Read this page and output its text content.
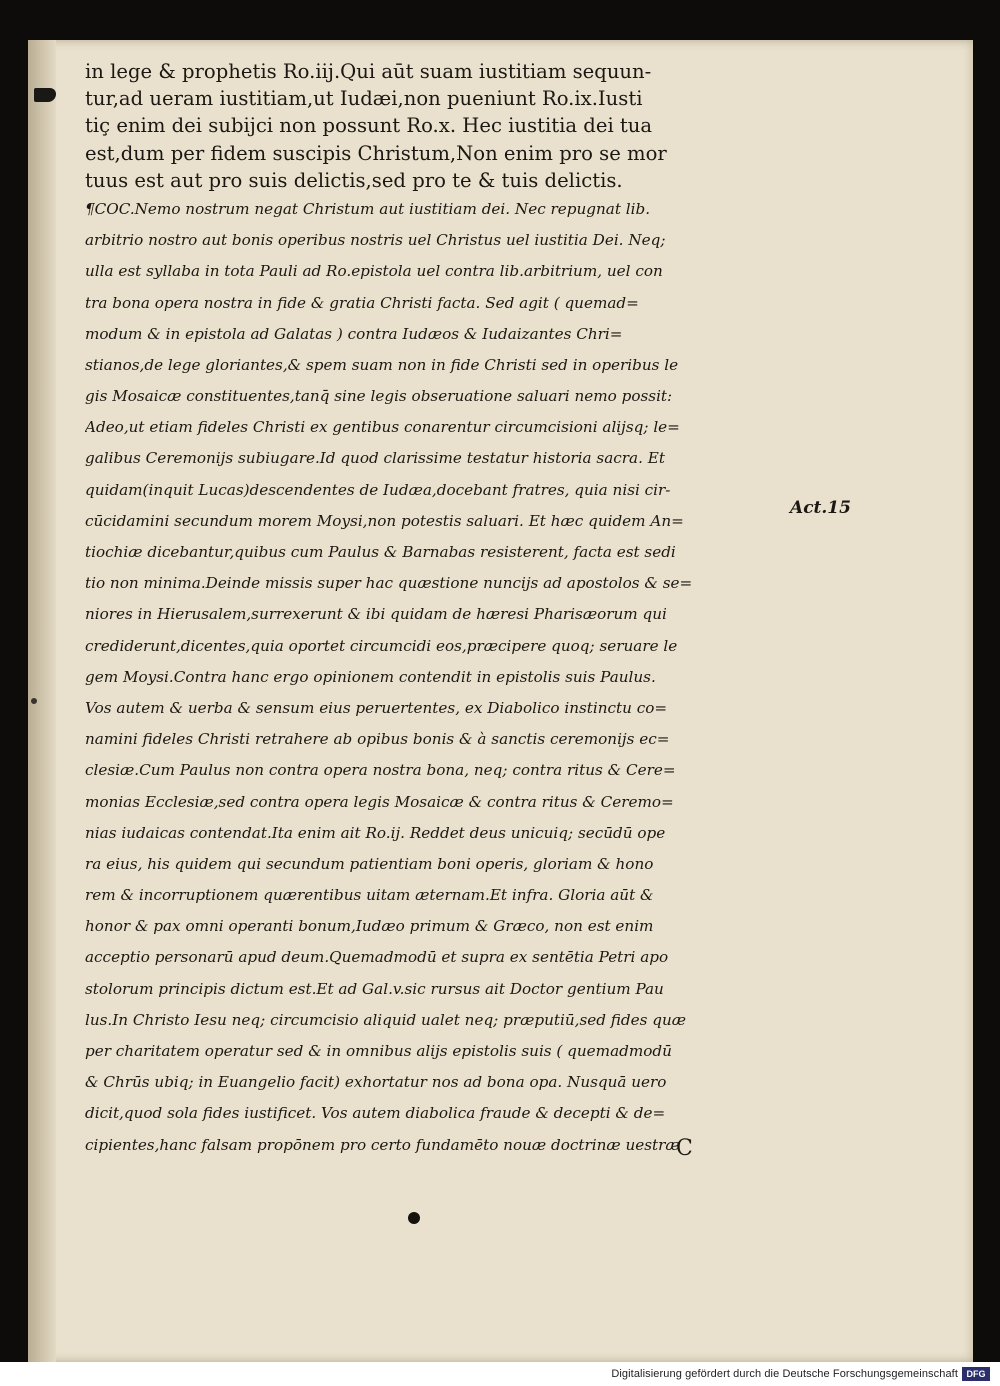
in lege & prophetis Ro.iij.Qui aūt suam iustitiam sequun-
tur,ad ueram iustitiam,ut Iudæi,non pueniunt Ro.ix.Iusti
tiç enim dei subijci non possunt Ro.x. Hec iustitia dei tua
est,dum per fidem suscipis Christum,Non enim pro se mor
tuus est aut pro suis delictis,sed pro te & tuis delictis.
¶COC.Nemo nostrum negat Christum aut iustitiam dei. Nec repugnat lib.
arbitrio nostro aut bonis operibus nostris uel Christus uel iustitia Dei. Neq;
ulla est syllaba in tota Pauli ad Ro.epistola uel contra lib.arbitrium, uel con
tra bona opera nostra in fide & gratia Christi facta. Sed agit ( quemad=
modum & in epistola ad Galatas ) contra Iudæos & Iudaizantes Chri=
stianos,de lege gloriantes,& spem suam non in fide Christi sed in operibus le
gis Mosaicæ constituentes,tanq̄ sine legis obseruatione saluari nemo possit:
Adeo,ut etiam fideles Christi ex gentibus conarentur circumcisioni alijsq; le=
galibus Ceremonijs subiugare.Id quod clarissime testatur historia sacra. Et
quidam(inquit Lucas)descendentes de Iudæa,docebant fratres, quia nisi cir-
cūcidamini secundum morem Moysi,non potestis saluari. Et hæc quidem An=
tiochiæ dicebantur,quibus cum Paulus & Barnabas resisterent, facta est sedi
tio non minima.Deinde missis super hac quæstione nuncijs ad apostolos & se=
niores in Hierusalem,surrexerunt & ibi quidam de hæresi Pharisæorum qui
crediderunt,dicentes,quia oportet circumcidi eos,præcipere quoq; seruare le
gem Moysi.Contra hanc ergo opinionem contendit in epistolis suis Paulus.
Vos autem & uerba & sensum eius peruertentes, ex Diabolico instinctu co=
namini fideles Christi retrahere ab opibus bonis & à sanctis ceremonijs ec=
clesiæ.Cum Paulus non contra opera nostra bona, neq; contra ritus & Cere=
monias Ecclesiæ,sed contra opera legis Mosaicæ & contra ritus & Ceremo=
nias iudaicas contendat.Ita enim ait Ro.ij. Reddet deus unicuiq; secūdū ope
ra eius, his quidem qui secundum patientiam boni operis, gloriam & hono
rem & incorruptionem quærentibus uitam æternam.Et infra. Gloria aūt &
honor & pax omni operanti bonum,Iudæo primum & Græco, non est enim
acceptio personarū apud deum.Quemadmodū et supra ex sentētia Petri apo
stolorum principis dictum est.Et ad Gal.v.sic rursus ait Doctor gentium Pau
lus.In Christo Iesu neq; circumcisio aliquid ualet neq; præputiū,sed fides quæ
per charitatem operatur sed & in omnibus alijs epistolis suis ( quemadmodū
& Chrūs ubiq; in Euangelio facit) exhortatur nos ad bona opa. Nusquā uero
dicit,quod sola fides iustificet. Vos autem diabolica fraude & decepti & de=
cipientes,hanc falsam propōnem pro certo fundamēto nouæ doctrinæ uestræ
Act.15
C
Digitalisierung gefördert durch die Deutsche Forschungsgemeinschaft DFG
